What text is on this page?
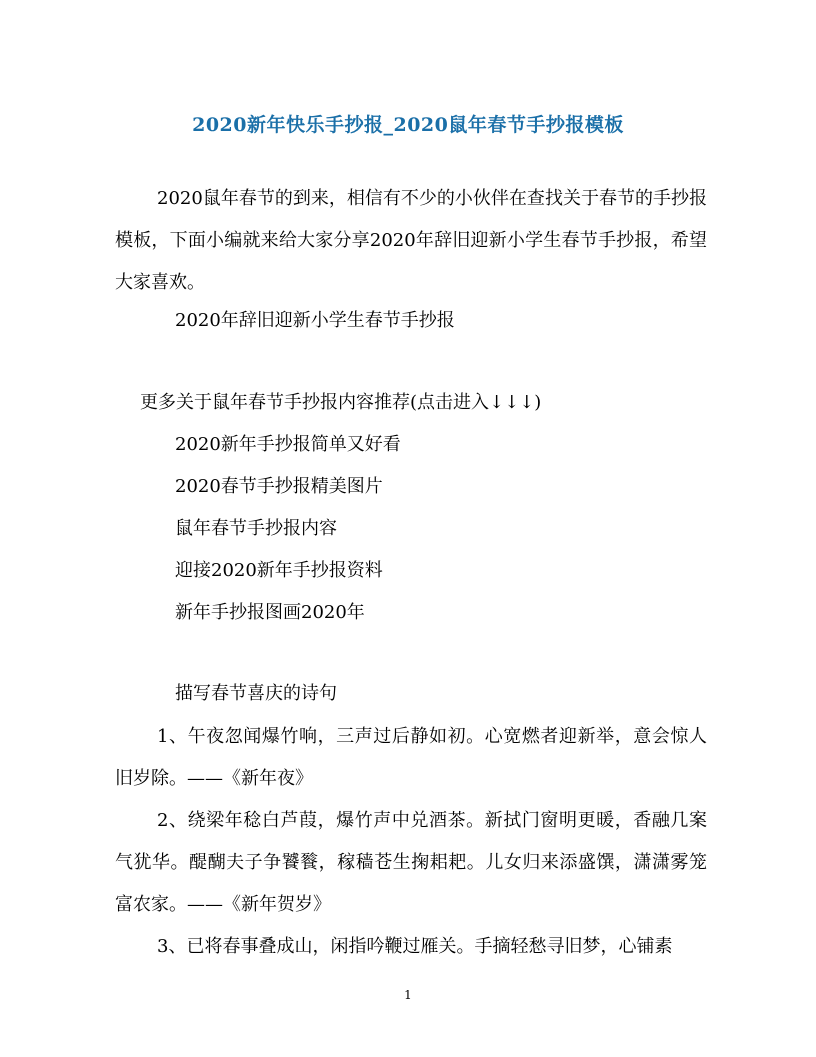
2020新年快乐手抄报_2020鼠年春节手抄报模板

2020鼠年春节的到来，相信有不少的小伙伴在查找关于春节的手抄报模板，下面小编就来给大家分享2020年辞旧迎新小学生春节手抄报，希望大家喜欢。

2020年辞旧迎新小学生春节手抄报
更多关于鼠年春节手抄报内容推荐(点击进入↓↓↓)
2020新年手抄报简单又好看
2020春节手抄报精美图片
鼠年春节手抄报内容
迎接2020新年手抄报资料
新年手抄报图画2020年
描写春节喜庆的诗句

1、午夜忽闻爆竹响，三声过后静如初。心宽燃者迎新举，意会惊人旧岁除。——《新年夜》

2、绕梁年稔白芦葭，爆竹声中兑酒茶。新拭门窗明更暖，香融几案气犹华。醍醐夫子争饕餮，稼穑苍生掬耜耙。儿女归来添盛馔，潇潇雾笼富农家。——《新年贺岁》

3、已将春事叠成山，闲指吟鞭过雁关。手摘轻愁寻旧梦，心铺素

1
